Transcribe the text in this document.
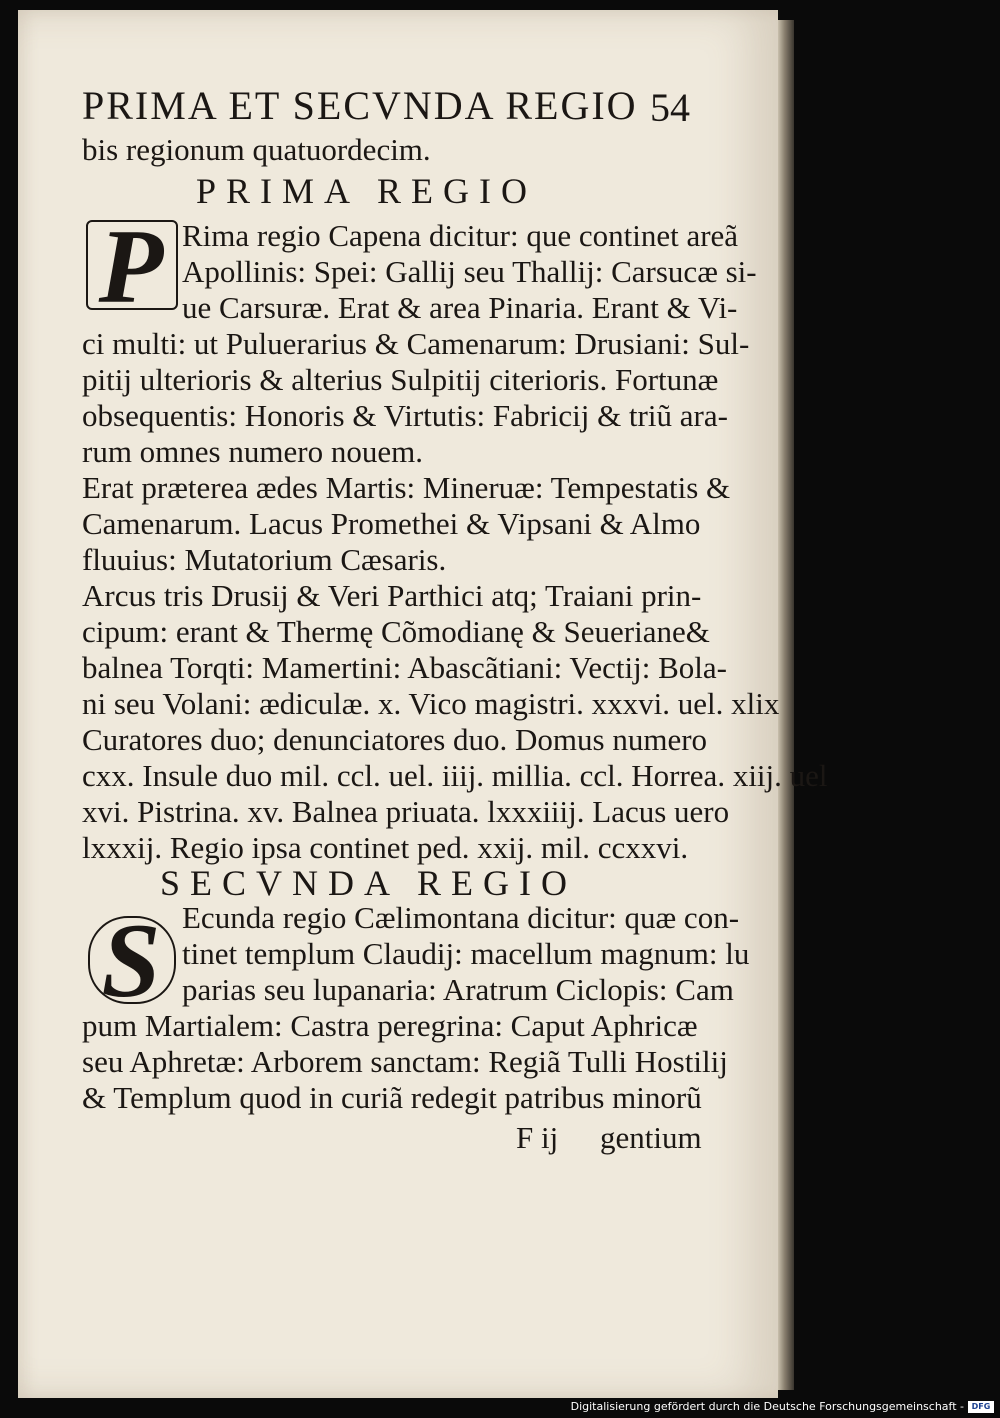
PRIMA ET SECVNDA REGIO 54
bis regionum quatuordecim.
PRIMA REGIO
P Rima regio Capena dicitur: que continet areã
Apollinis: Spei: Gallij seu Thallij: Carsucæ si-
ue Carsuræ. Erat & area Pinaria. Erant & Vi-
ci multi: ut Puluerarius & Camenarum: Drusiani: Sul-
pitij ulterioris & alterius Sulpitij citerioris. Fortunæ
obsequentis: Honoris & Virtutis: Fabricij & triũ ara-
rum omnes numero nouem.
Erat præterea ædes Martis: Mineruæ: Tempestatis &
Camenarum. Lacus Promethei & Vipsani & Almo
fluuius: Mutatorium Cæsaris.
Arcus tris Drusij & Veri Parthici atq; Traiani prin-
cipum: erant & Thermę Cõmodianę & Seueriane&
balnea Torqti: Mamertini: Abascãtiani: Vectij: Bola-
ni seu Volani: ædiculæ. x. Vico magistri. xxxvi. uel. xlix
Curatores duo; denunciatores duo. Domus numero
cxx. Insule duo mil. ccl. uel. iiij. millia. ccl. Horrea. xiij. uel
xvi. Pistrina. xv. Balnea priuata. lxxxiiij. Lacus uero
lxxxij. Regio ipsa continet ped. xxij. mil. ccxxvi.
SECVNDA REGIO
S Ecunda regio Cælimontana dicitur: quæ con-
tinet templum Claudij: macellum magnum: lu
parias seu lupanaria: Aratrum Ciclopis: Cam
pum Martialem: Castra peregrina: Caput Aphricæ
seu Aphretæ: Arborem sanctam: Regiã Tulli Hostilij
& Templum quod in curiã redegit patribus minorũ
F ij gentium
Digitalisierung gefördert durch die Deutsche Forschungsgemeinschaft - DFG
